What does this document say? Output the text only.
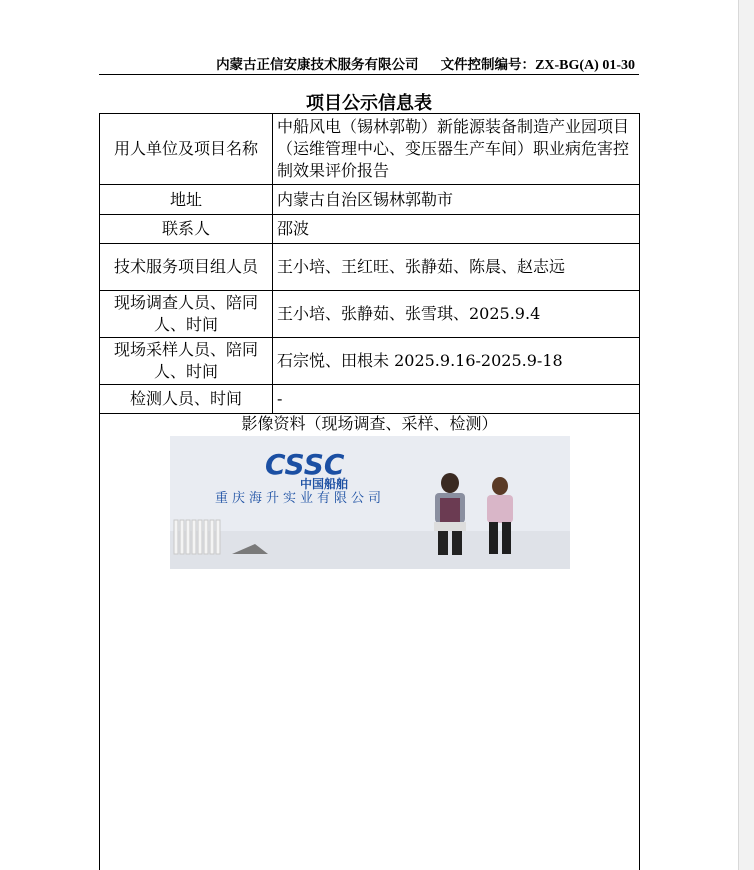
内蒙古正信安康技术服务有限公司 文件控制编号：ZX-BG(A) 01-30
项目公示信息表
用人单位及项目名称	中船风电（锡林郭勒）新能源装备制造产业园项目（运维管理中心、变压器生产车间）职业病危害控制效果评价报告
地址	内蒙古自治区锡林郭勒市
联系人	邵波
技术服务项目组人员	王小培、王红旺、张静茹、陈晨、赵志远
现场调查人员、陪同人、时间	王小培、张静茹、张雪琪、2025.9.4
现场采样人员、陪同人、时间	石宗悦、田根未 2025.9.16-2025.9-18
检测人员、时间	-
影像资料（现场调查、采样、检测）
CSSC
中国船舶
重庆海升实业有限公司
